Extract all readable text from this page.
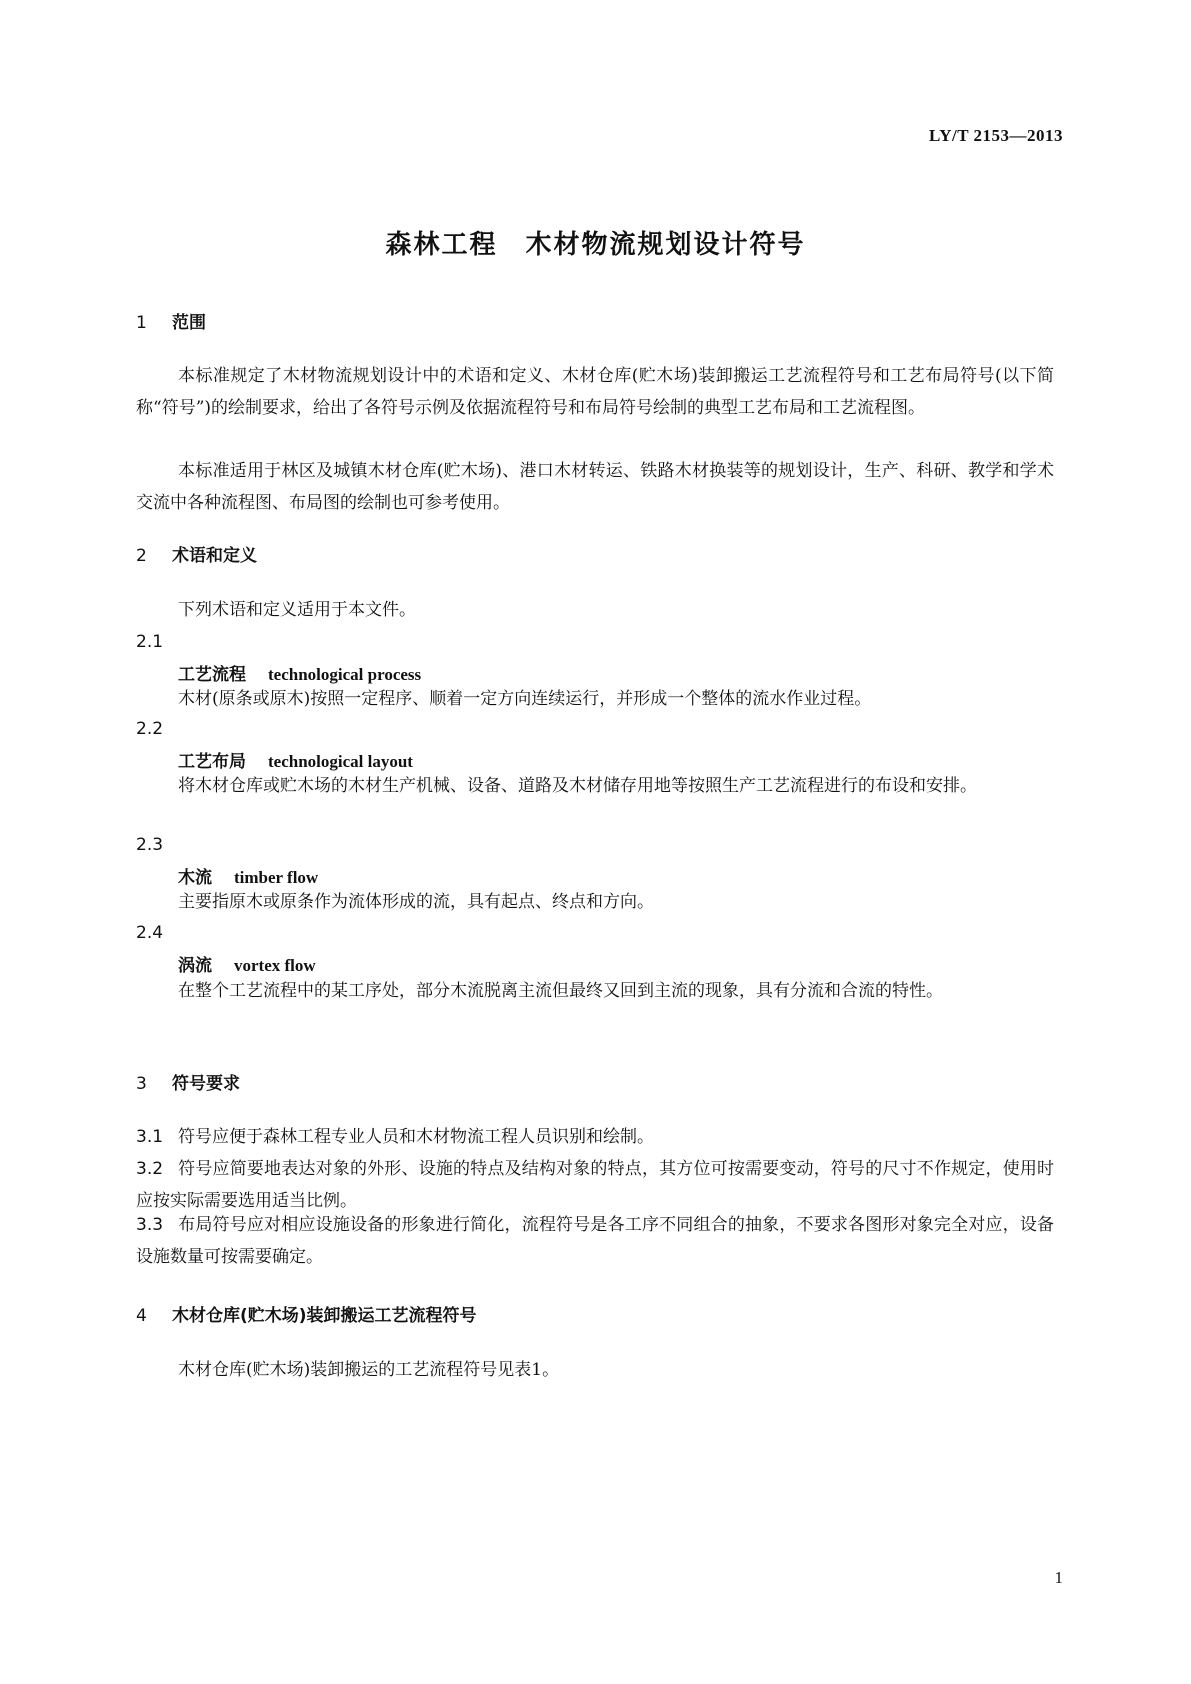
LY/T 2153—2013
森林工程　木材物流规划设计符号
1 范围
本标准规定了木材物流规划设计中的术语和定义、木材仓库(贮木场)装卸搬运工艺流程符号和工艺布局符号(以下简称“符号”)的绘制要求，给出了各符号示例及依据流程符号和布局符号绘制的典型工艺布局和工艺流程图。
本标准适用于林区及城镇木材仓库(贮木场)、港口木材转运、铁路木材换装等的规划设计，生产、科研、教学和学术交流中各种流程图、布局图的绘制也可参考使用。
2 术语和定义
下列术语和定义适用于本文件。
2.1
工艺流程 technological process
木材(原条或原木)按照一定程序、顺着一定方向连续运行，并形成一个整体的流水作业过程。
2.2
工艺布局 technological layout
将木材仓库或贮木场的木材生产机械、设备、道路及木材储存用地等按照生产工艺流程进行的布设和安排。
2.3
木流 timber flow
主要指原木或原条作为流体形成的流，具有起点、终点和方向。
2.4
涡流 vortex flow
在整个工艺流程中的某工序处，部分木流脱离主流但最终又回到主流的现象，具有分流和合流的特性。
3 符号要求
3.1 符号应便于森林工程专业人员和木材物流工程人员识别和绘制。
3.2 符号应简要地表达对象的外形、设施的特点及结构对象的特点，其方位可按需要变动，符号的尺寸不作规定，使用时应按实际需要选用适当比例。
3.3 布局符号应对相应设施设备的形象进行简化，流程符号是各工序不同组合的抽象，不要求各图形对象完全对应，设备设施数量可按需要确定。
4 木材仓库(贮木场)装卸搬运工艺流程符号
木材仓库(贮木场)装卸搬运的工艺流程符号见表1。
1
